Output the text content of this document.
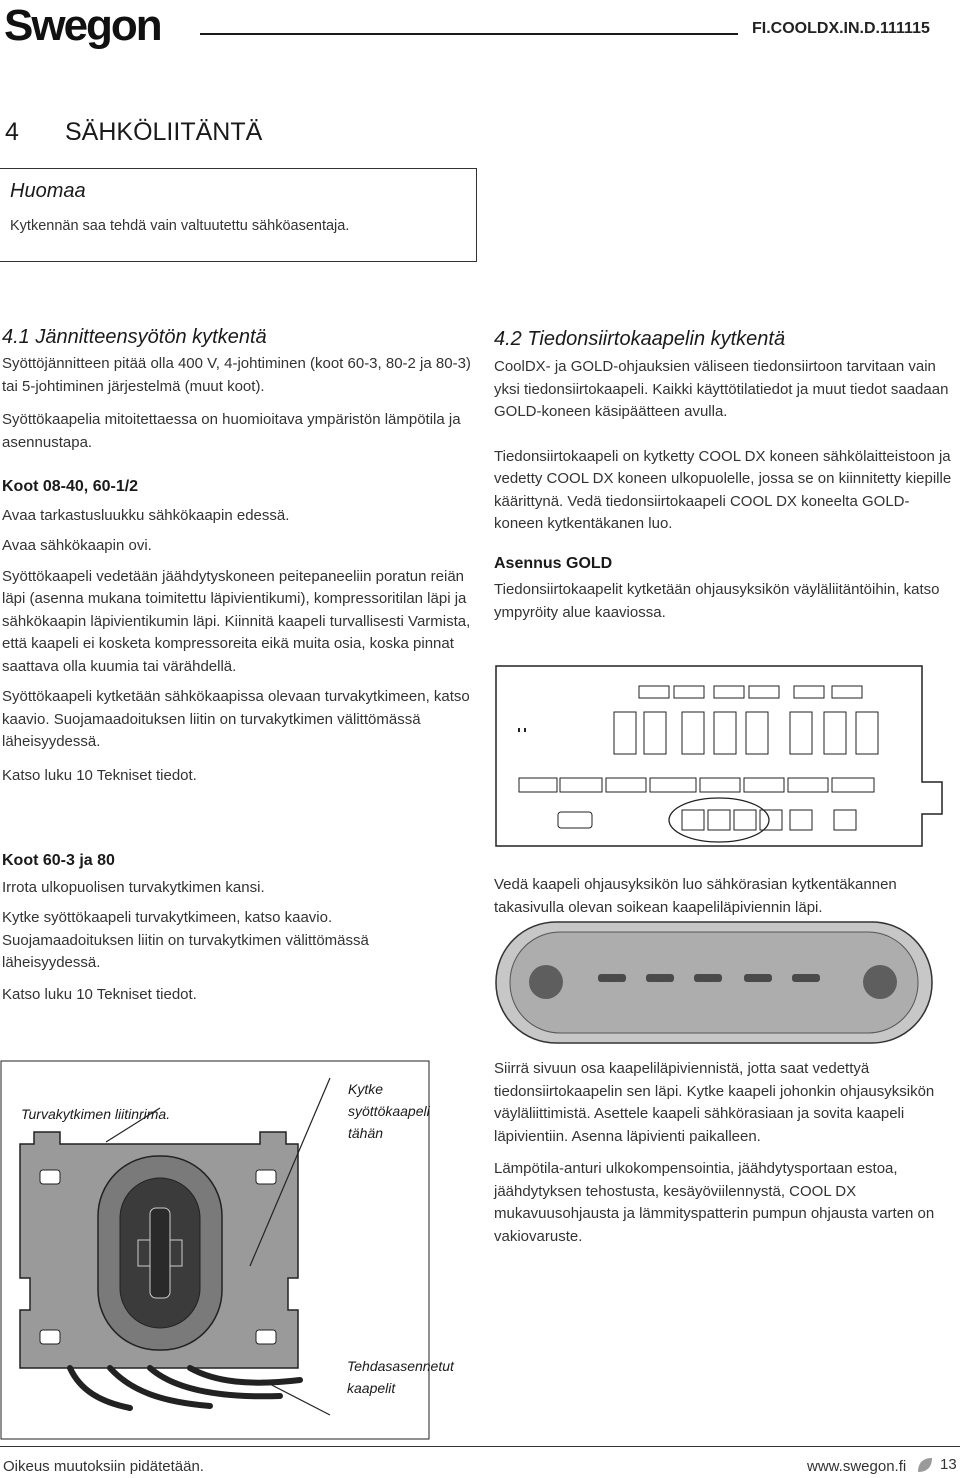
Swegon	FI.COOLDX.IN.D.111115
4 SÄHKÖLIITÄNTÄ
Huomaa
Kytkennän saa tehdä vain valtuutettu sähköasentaja.
4.1 Jännitteensyötön kytkentä

Syöttöjännitteen pitää olla 400 V, 4-johtiminen (koot 60-3, 80-2 ja 80-3) tai 5-johtiminen järjestelmä (muut koot).

Syöttökaapelia mitoitettaessa on huomioitava ympäristön lämpötila ja asennustapa.

Koot 08-40, 60-1/2

Avaa tarkastusluukku sähkökaapin edessä.

Avaa sähkökaapin ovi.

Syöttökaapeli vedetään jäähdytyskoneen peitepaneeliin poratun reiän läpi (asenna mukana toimitettu läpivientikumi), kompressoritilan läpi ja sähkökaapin läpivientikumin läpi. Kiinnitä kaapeli turvallisesti Varmista, että kaapeli ei kosketa kompressoreita eikä muita osia, koska pinnat saattava olla kuumia tai värähdellä.

Syöttökaapeli kytketään sähkökaapissa olevaan turvakytkimeen, katso kaavio. Suojamaadoituksen liitin on turvakytkimen välittömässä läheisyydessä.

Katso luku 10 Tekniset tiedot.

Koot 60-3 ja 80

Irrota ulkopuolisen turvakytkimen kansi.

Kytke syöttökaapeli turvakytkimeen, katso kaavio. Suojamaadoituksen liitin on turvakytkimen välittömässä läheisyydessä.

Katso luku 10 Tekniset tiedot.

4.2 Tiedonsiirtokaapelin kytkentä

CoolDX- ja GOLD-ohjauksien väliseen tiedonsiirtoon tarvitaan vain yksi tiedonsiirtokaapeli. Kaikki käyttötilatiedot ja muut tiedot saadaan GOLD-koneen käsipäätteen avulla.

Tiedonsiirtokaapeli on kytketty COOL DX koneen sähkölaitteistoon ja vedetty COOL DX koneen ulkopuolelle, jossa se on kiinnitetty kiepille käärittynä. Vedä tiedonsiirtokaapeli COOL DX koneelta GOLD-koneen kytkentäkanen luo.

Asennus GOLD

Tiedonsiirtokaapelit kytketään ohjausyksikön väyläliitäntöihin, katso ympyröity alue kaaviossa.

Vedä kaapeli ohjausyksikön luo sähkörasian kytkentäkannen takasivulla olevan soikean kaapeliläpiviennin läpi.

Siirrä sivuun osa kaapeliläpiviennistä, jotta saat vedettyä tiedonsiirtokaapelin sen läpi. Kytke kaapeli johonkin ohjausyksikön väyläliittimistä. Asettele kaapeli sähkörasiaan ja sovita kaapeli läpivientiin. Asenna läpivienti paikalleen.

Lämpötila-anturi ulkokompensointia, jäähdytysportaan estoa, jäähdytyksen tehostusta, kesäyöviilennystä, COOL DX mukavuusohjausta ja lämmityspatterin pumpun ohjausta varten on vakiovaruste.

Turvakytkimen liitinrima.
Kytke syöttökaapeli tähän
Tehdasasennetut kaapelit
Oikeus muutoksiin pidätetään.	www.swegon.fi 13
